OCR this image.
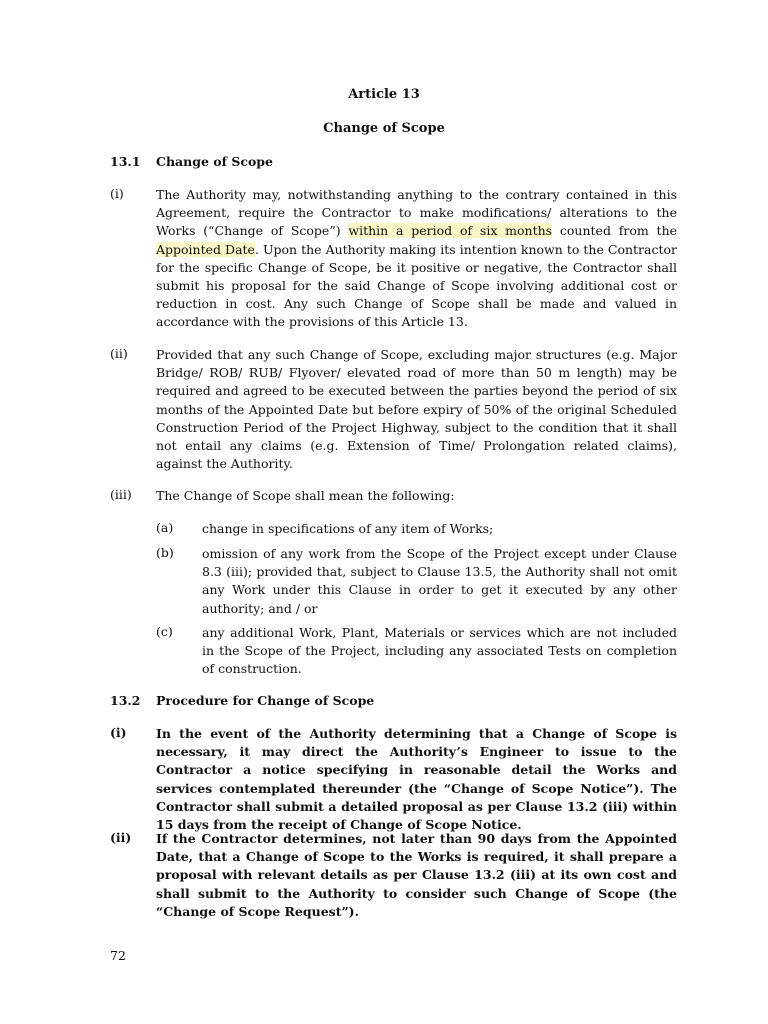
Article 13
Change of Scope
13.1 Change of Scope
(i)	The Authority may, notwithstanding anything to the contrary contained in this Agreement, require the Contractor to make modifications/ alterations to the Works (“Change of Scope”) within a period of six months counted from the Appointed Date. Upon the Authority making its intention known to the Contractor for the specific Change of Scope, be it positive or negative, the Contractor shall submit his proposal for the said Change of Scope involving additional cost or reduction in cost. Any such Change of Scope shall be made and valued in accordance with the provisions of this Article 13.
(ii) Provided that any such Change of Scope, excluding major structures (e.g. Major Bridge/ ROB/ RUB/ Flyover/ elevated road of more than 50 m length) may be required and agreed to be executed between the parties beyond the period of six months of the Appointed Date but before expiry of 50% of the original Scheduled Construction Period of the Project Highway, subject to the condition that it shall not entail any claims (e.g. Extension of Time/ Prolongation related claims), against the Authority.
(iii) The Change of Scope shall mean the following:
(a) change in specifications of any item of Works;
(b) omission of any work from the Scope of the Project except under Clause 8.3 (iii); provided that, subject to Clause 13.5, the Authority shall not omit any Work under this Clause in order to get it executed by any other authority; and / or
(c) any additional Work, Plant, Materials or services which are not included in the Scope of the Project, including any associated Tests on completion of construction.
13.2 Procedure for Change of Scope
(i) In the event of the Authority determining that a Change of Scope is necessary, it may direct the Authority’s Engineer to issue to the Contractor a notice specifying in reasonable detail the Works and services contemplated thereunder (the “Change of Scope Notice”). The Contractor shall submit a detailed proposal as per Clause 13.2 (iii) within 15 days from the receipt of Change of Scope Notice.
(ii) If the Contractor determines, not later than 90 days from the Appointed Date, that a Change of Scope to the Works is required, it shall prepare a proposal with relevant details as per Clause 13.2 (iii) at its own cost and shall submit to the Authority to consider such Change of Scope (the “Change of Scope Request”).
72
